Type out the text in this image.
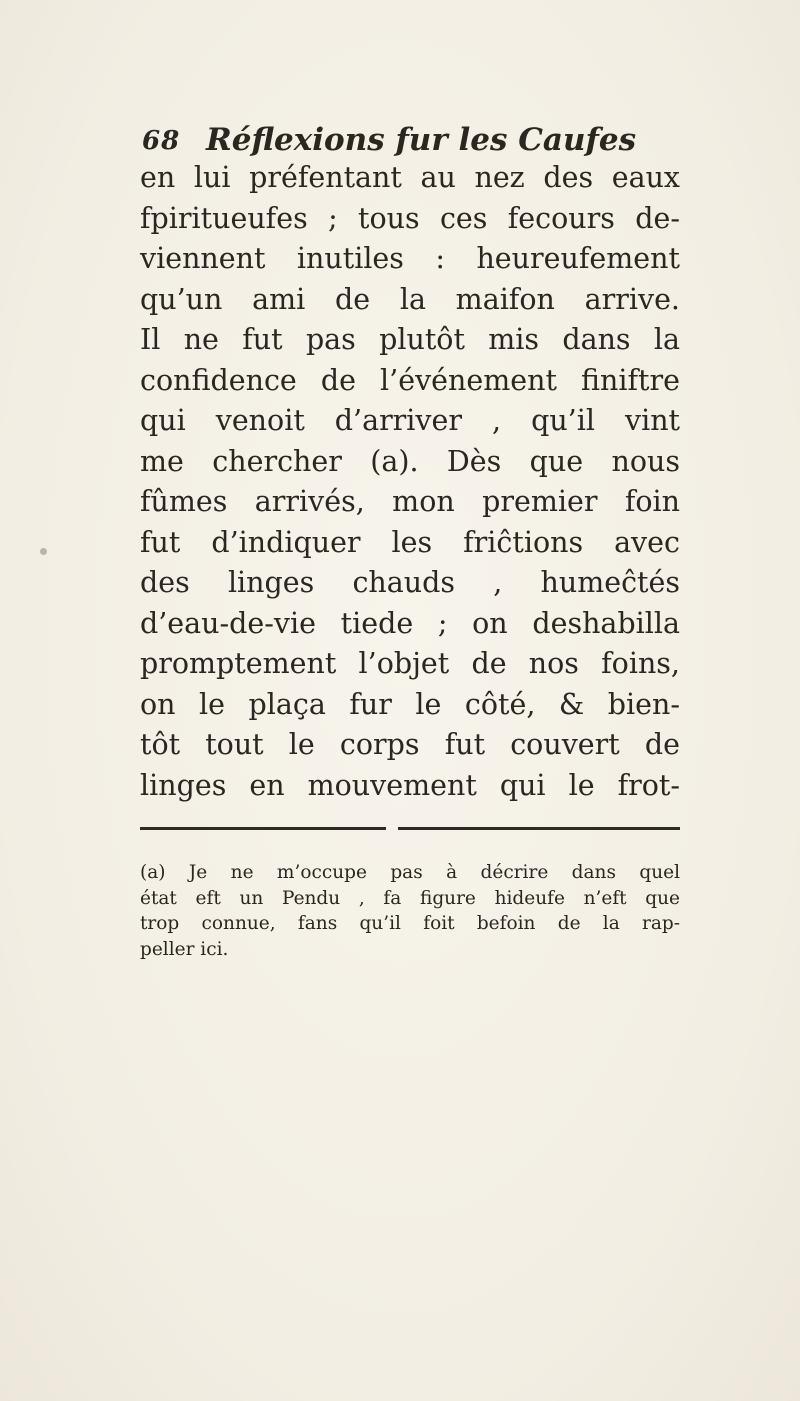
68 Réflexions fur les Caufes
en lui préfentant au nez des eaux
fpiritueufes ; tous ces fecours de-
viennent inutiles : heureufement
qu’un ami de la maifon arrive.
Il ne fut pas plutôt mis dans la
confidence de l’événement finiftre
qui venoit d’arriver , qu’il vint
me chercher (a). Dès que nous
fûmes arrivés, mon premier foin
fut d’indiquer les friĉtions avec
des linges chauds , humeĉtés
d’eau-de-vie tiede ; on deshabilla
promptement l’objet de nos foins,
on le plaça fur le côté, & bien-
tôt tout le corps fut couvert de
linges en mouvement qui le frot-
(a) Je ne m’occupe pas à décrire dans quel
état eft un Pendu , fa figure hideufe n’eft que
trop connue, fans qu’il foit befoin de la rap-
peller ici.
